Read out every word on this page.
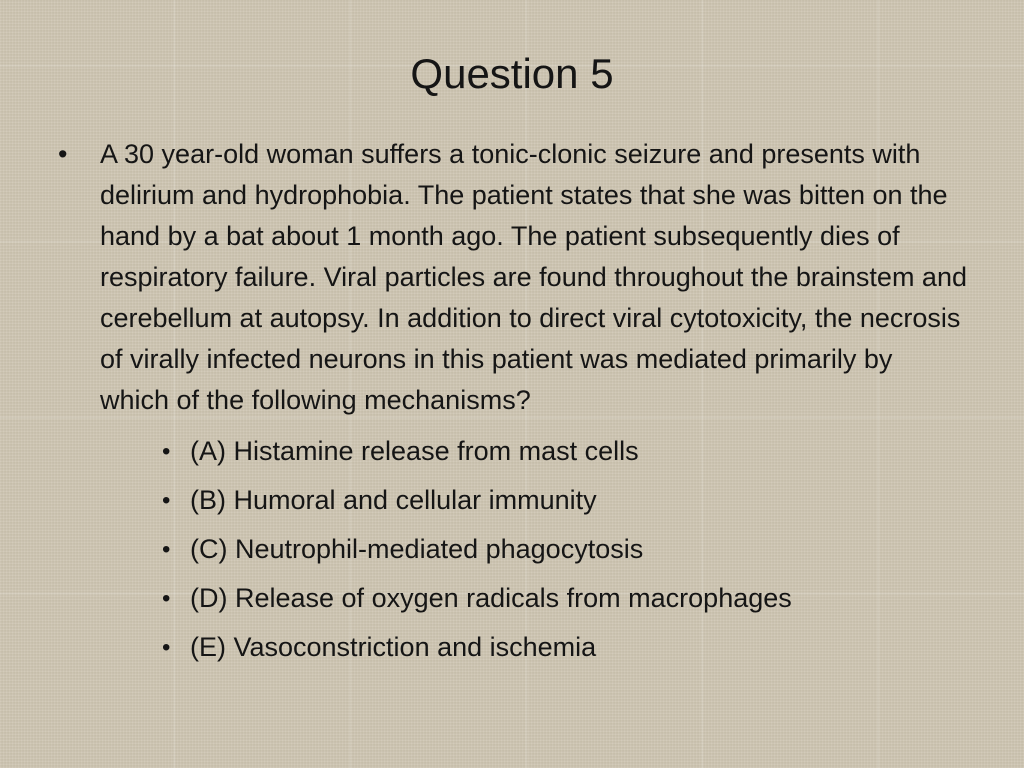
Question 5

• A 30 year-old woman suffers a tonic-clonic seizure and presents with delirium and hydrophobia. The patient states that she was bitten on the hand by a bat about 1 month ago. The patient subsequently dies of respiratory failure. Viral particles are found throughout the brainstem and cerebellum at autopsy. In addition to direct viral cytotoxicity, the necrosis of virally infected neurons in this patient was mediated primarily by which of the following mechanisms?

• (A) Histamine release from mast cells
• (B) Humoral and cellular immunity
• (C) Neutrophil-mediated phagocytosis
• (D) Release of oxygen radicals from macrophages
• (E) Vasoconstriction and ischemia
